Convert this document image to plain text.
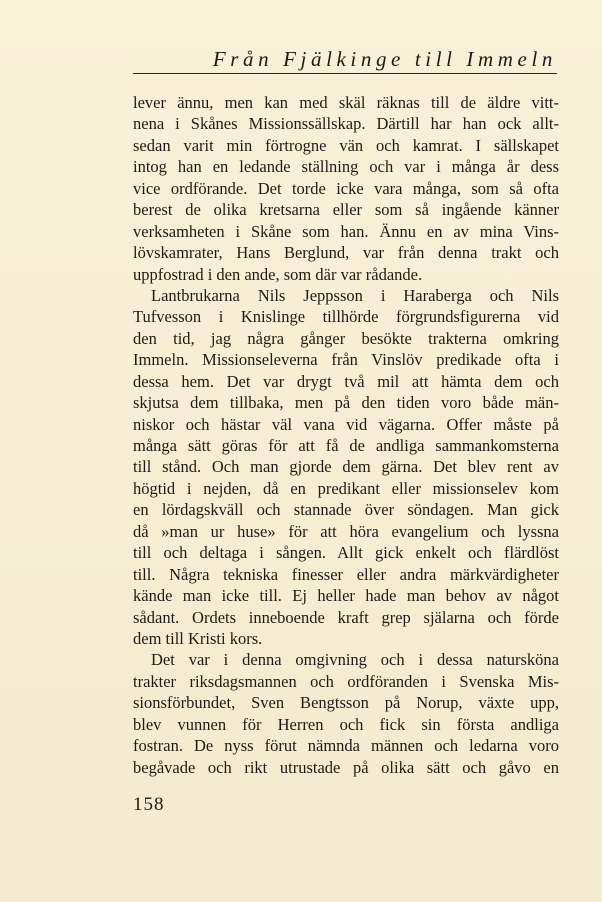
Från Fjälkinge till Immeln
lever ännu, men kan med skäl räknas till de äldre vitt-
nena i Skånes Missionssällskap. Därtill har han ock allt-
sedan varit min förtrogne vän och kamrat. I sällskapet
intog han en ledande ställning och var i många år dess
vice ordförande. Det torde icke vara många, som så ofta
berest de olika kretsarna eller som så ingående känner
verksamheten i Skåne som han. Ännu en av mina Vins-
lövskamrater, Hans Berglund, var från denna trakt och
uppfostrad i den ande, som där var rådande.
Lantbrukarna Nils Jeppsson i Haraberga och Nils
Tufvesson i Knislinge tillhörde förgrundsfigurerna vid
den tid, jag några gånger besökte trakterna omkring
Immeln. Missionseleverna från Vinslöv predikade ofta i
dessa hem. Det var drygt två mil att hämta dem och
skjutsa dem tillbaka, men på den tiden voro både män-
niskor och hästar väl vana vid vägarna. Offer måste på
många sätt göras för att få de andliga sammankomsterna
till stånd. Och man gjorde dem gärna. Det blev rent av
högtid i nejden, då en predikant eller missionselev kom
en lördagskväll och stannade över söndagen. Man gick
då »man ur huse» för att höra evangelium och lyssna
till och deltaga i sången. Allt gick enkelt och flärdlöst
till. Några tekniska finesser eller andra märkvärdigheter
kände man icke till. Ej heller hade man behov av något
sådant. Ordets inneboende kraft grep själarna och förde
dem till Kristi kors.
Det var i denna omgivning och i dessa natursköna
trakter riksdagsmannen och ordföranden i Svenska Mis-
sionsförbundet, Sven Bengtsson på Norup, växte upp,
blev vunnen för Herren och fick sin första andliga
fostran. De nyss förut nämnda männen och ledarna voro
begåvade och rikt utrustade på olika sätt och gåvo en
158
